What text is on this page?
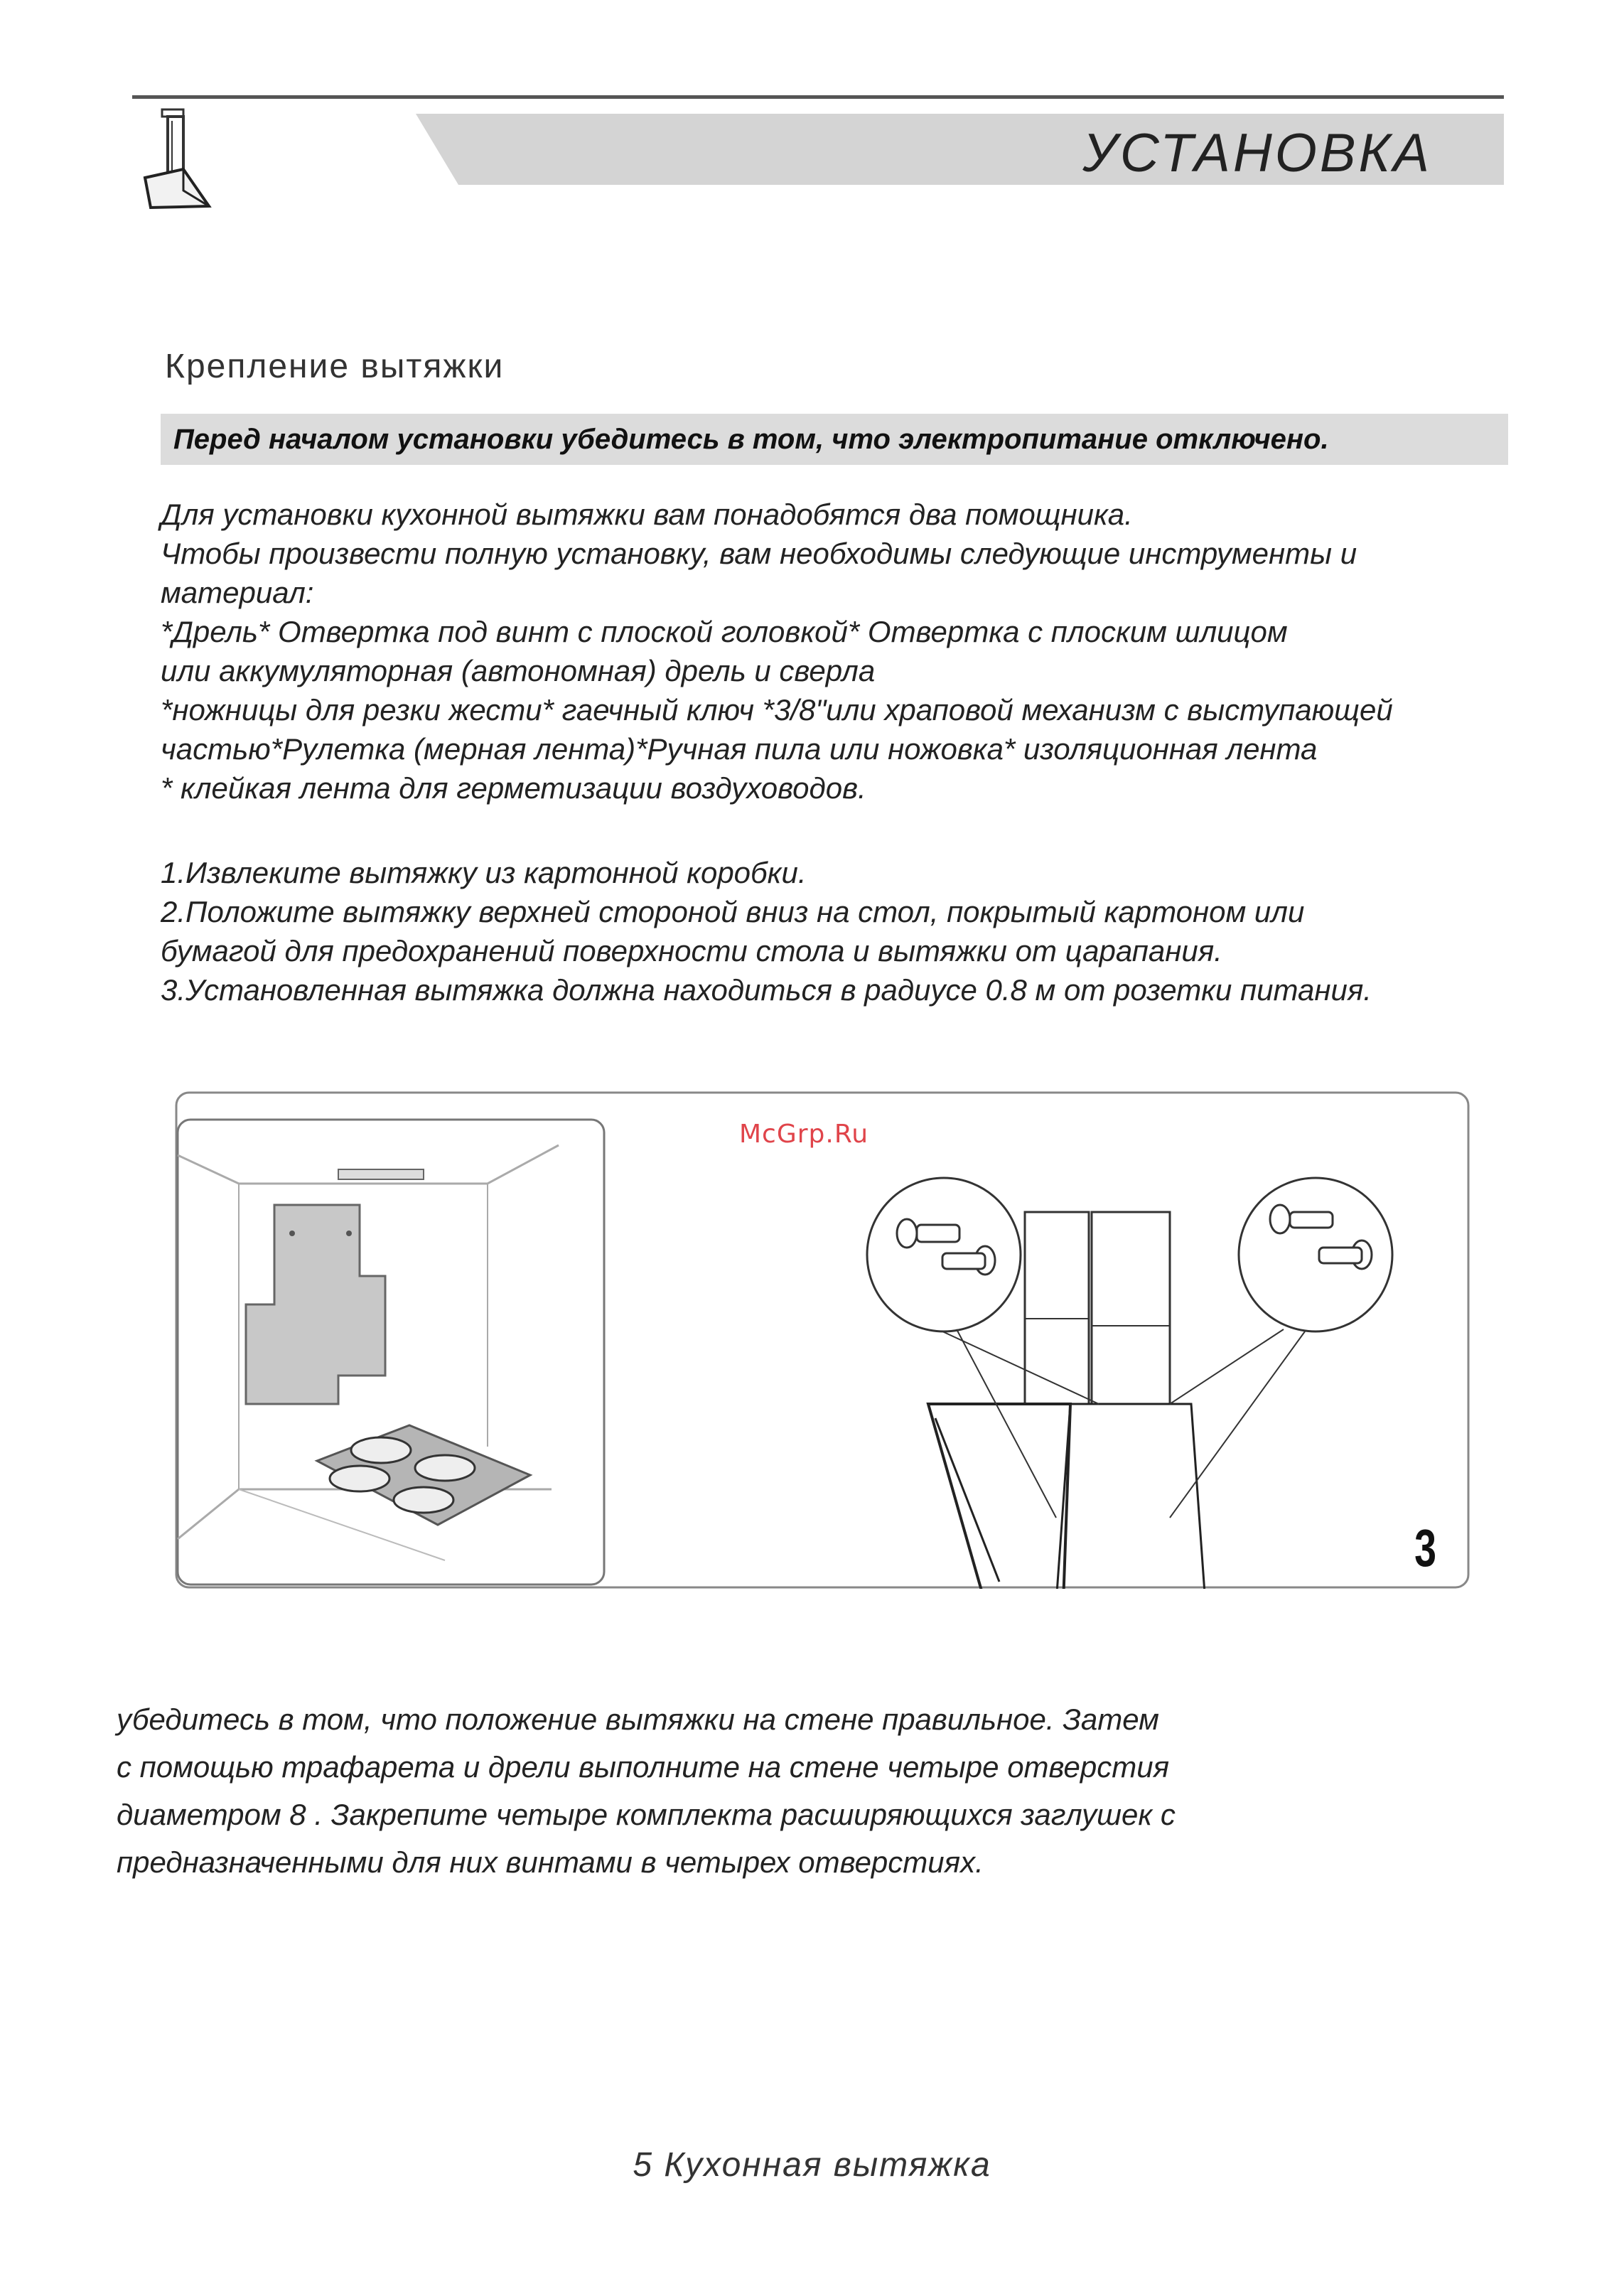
УСТАНОВКА
Крепление вытяжки
Перед началом установки убедитесь в том, что электропитание отключено.
Для установки кухонной вытяжки вам понадобятся два помощника.
Чтобы произвести полную установку, вам необходимы следующие инструменты и
материал:
*Дрель* Отвертка под винт с плоской головкой* Отвертка с плоским шлицом
или аккумуляторная (автономная) дрель и сверла
*ножницы для резки жести* гаечный ключ *3/8"или храповой механизм с выступающей
частью*Рулетка (мерная лента)*Ручная пила или ножовка* изоляционная лента
* клейкая лента для герметизации воздуховодов.
1.Извлеките вытяжку из картонной коробки.
2.Положите вытяжку верхней стороной вниз на стол, покрытый картоном или
бумагой для предохранений поверхности стола и вытяжки от царапания.
3.Установленная вытяжка должна находиться в радиусе 0.8 м от розетки питания.
McGrp.Ru
3
убедитесь в том, что положение вытяжки на стене правильное. Затем
с помощью трафарета и дрели выполните на стене четыре отверстия
диаметром 8 . Закрепите четыре комплекта расширяющихся заглушек с
предназначенными для них винтами в четырех отверстиях.
5 Кухонная вытяжка
